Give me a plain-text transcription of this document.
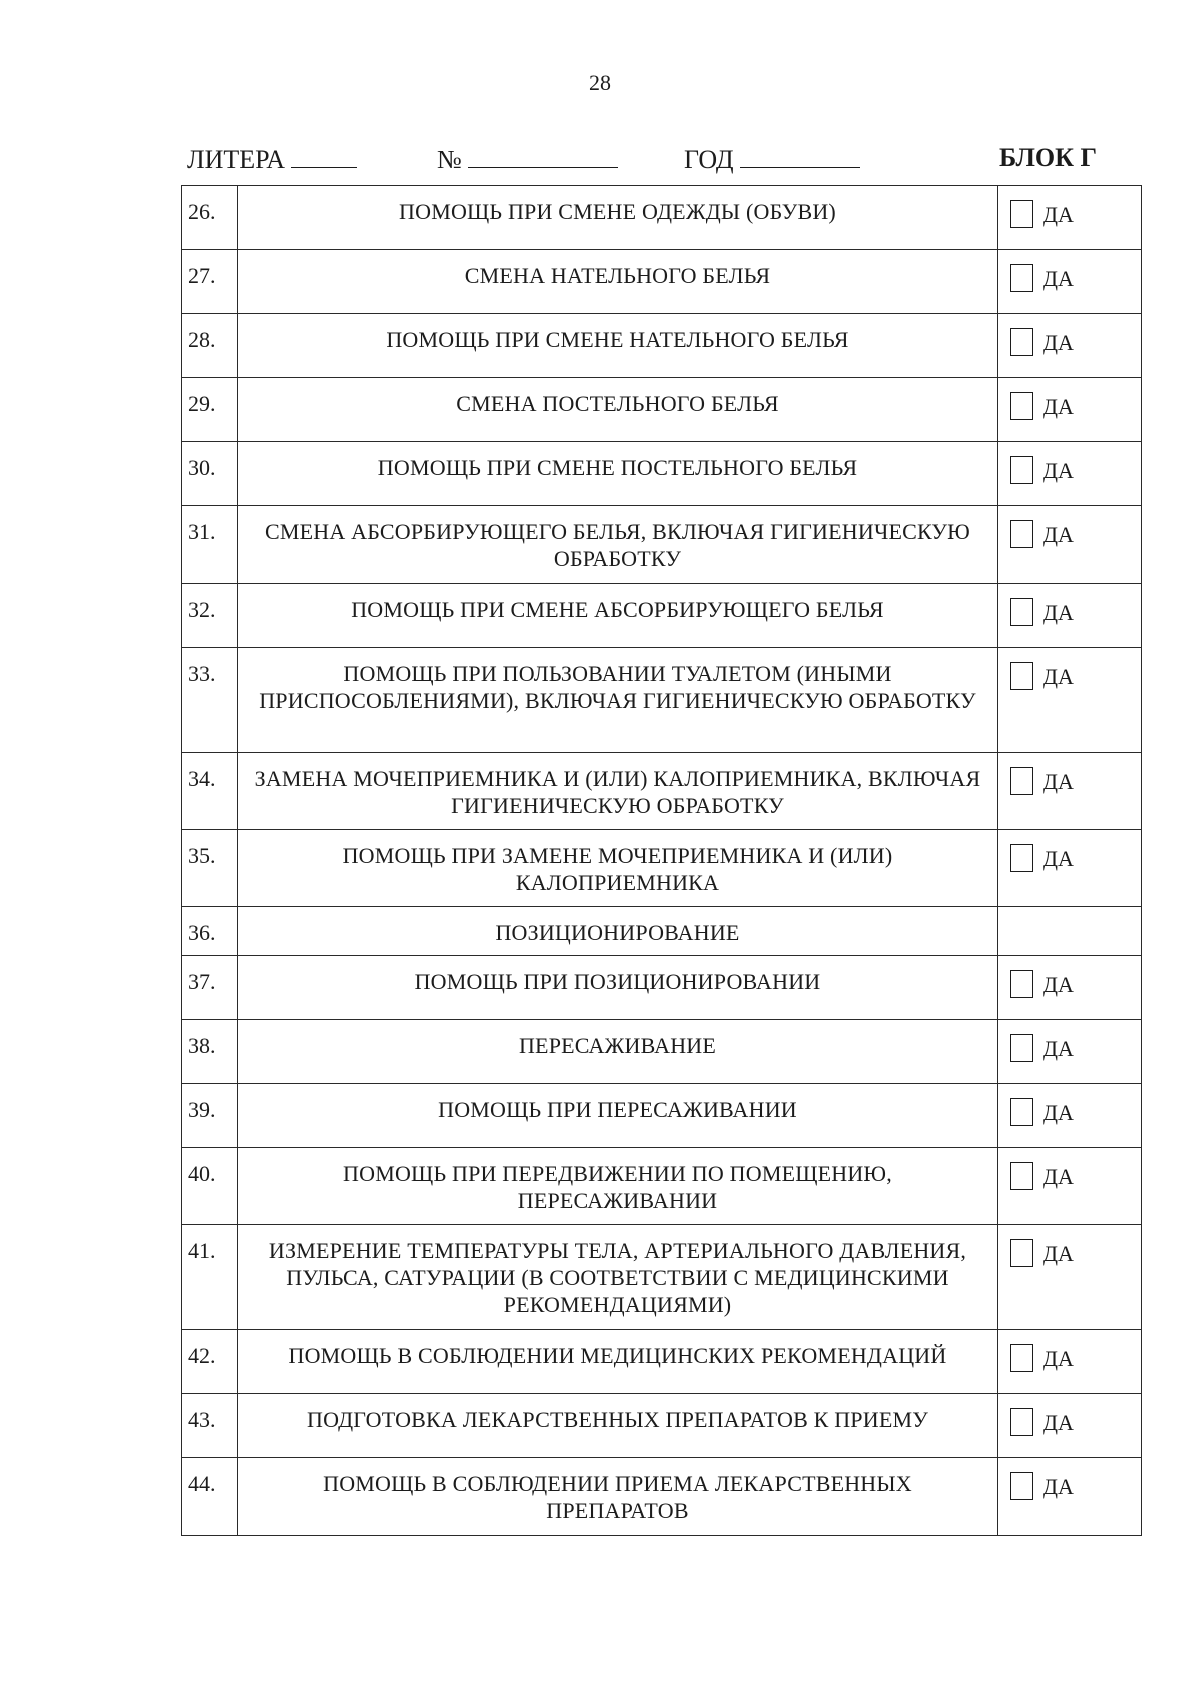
28
ЛИТЕРА	№	ГОД	БЛОК Г
26.	ПОМОЩЬ ПРИ СМЕНЕ ОДЕЖДЫ (ОБУВИ)	ДА

27.	СМЕНА НАТЕЛЬНОГО БЕЛЬЯ	ДА

28.	ПОМОЩЬ ПРИ СМЕНЕ НАТЕЛЬНОГО БЕЛЬЯ	ДА

29.	СМЕНА ПОСТЕЛЬНОГО БЕЛЬЯ	ДА

30.	ПОМОЩЬ ПРИ СМЕНЕ ПОСТЕЛЬНОГО БЕЛЬЯ	ДА

31.	СМЕНА АБСОРБИРУЮЩЕГО БЕЛЬЯ, ВКЛЮЧАЯ ГИГИЕНИЧЕСКУЮ ОБРАБОТКУ	ДА

32.	ПОМОЩЬ ПРИ СМЕНЕ АБСОРБИРУЮЩЕГО БЕЛЬЯ	ДА

33.	ПОМОЩЬ ПРИ ПОЛЬЗОВАНИИ ТУАЛЕТОМ (ИНЫМИ ПРИСПОСОБЛЕНИЯМИ), ВКЛЮЧАЯ ГИГИЕНИЧЕСКУЮ ОБРАБОТКУ	ДА

34.	ЗАМЕНА МОЧЕПРИЕМНИКА И (ИЛИ) КАЛОПРИЕМНИКА, ВКЛЮЧАЯ ГИГИЕНИЧЕСКУЮ ОБРАБОТКУ	ДА

35.	ПОМОЩЬ ПРИ ЗАМЕНЕ МОЧЕПРИЕМНИКА И (ИЛИ) КАЛОПРИЕМНИКА	ДА

36.	ПОЗИЦИОНИРОВАНИЕ	
37.	ПОМОЩЬ ПРИ ПОЗИЦИОНИРОВАНИИ	ДА

38.	ПЕРЕСАЖИВАНИЕ	ДА

39.	ПОМОЩЬ ПРИ ПЕРЕСАЖИВАНИИ	ДА

40.	ПОМОЩЬ ПРИ ПЕРЕДВИЖЕНИИ ПО ПОМЕЩЕНИЮ, ПЕРЕСАЖИВАНИИ	ДА

41.	ИЗМЕРЕНИЕ ТЕМПЕРАТУРЫ ТЕЛА, АРТЕРИАЛЬНОГО ДАВЛЕНИЯ, ПУЛЬСА, САТУРАЦИИ (В СООТВЕТСТВИИ С МЕДИЦИНСКИМИ РЕКОМЕНДАЦИЯМИ)	ДА

42.	ПОМОЩЬ В СОБЛЮДЕНИИ МЕДИЦИНСКИХ РЕКОМЕНДАЦИЙ	ДА

43.	ПОДГОТОВКА ЛЕКАРСТВЕННЫХ ПРЕПАРАТОВ К ПРИЕМУ	ДА

44.	ПОМОЩЬ В СОБЛЮДЕНИИ ПРИЕМА ЛЕКАРСТВЕННЫХ ПРЕПАРАТОВ	ДА
